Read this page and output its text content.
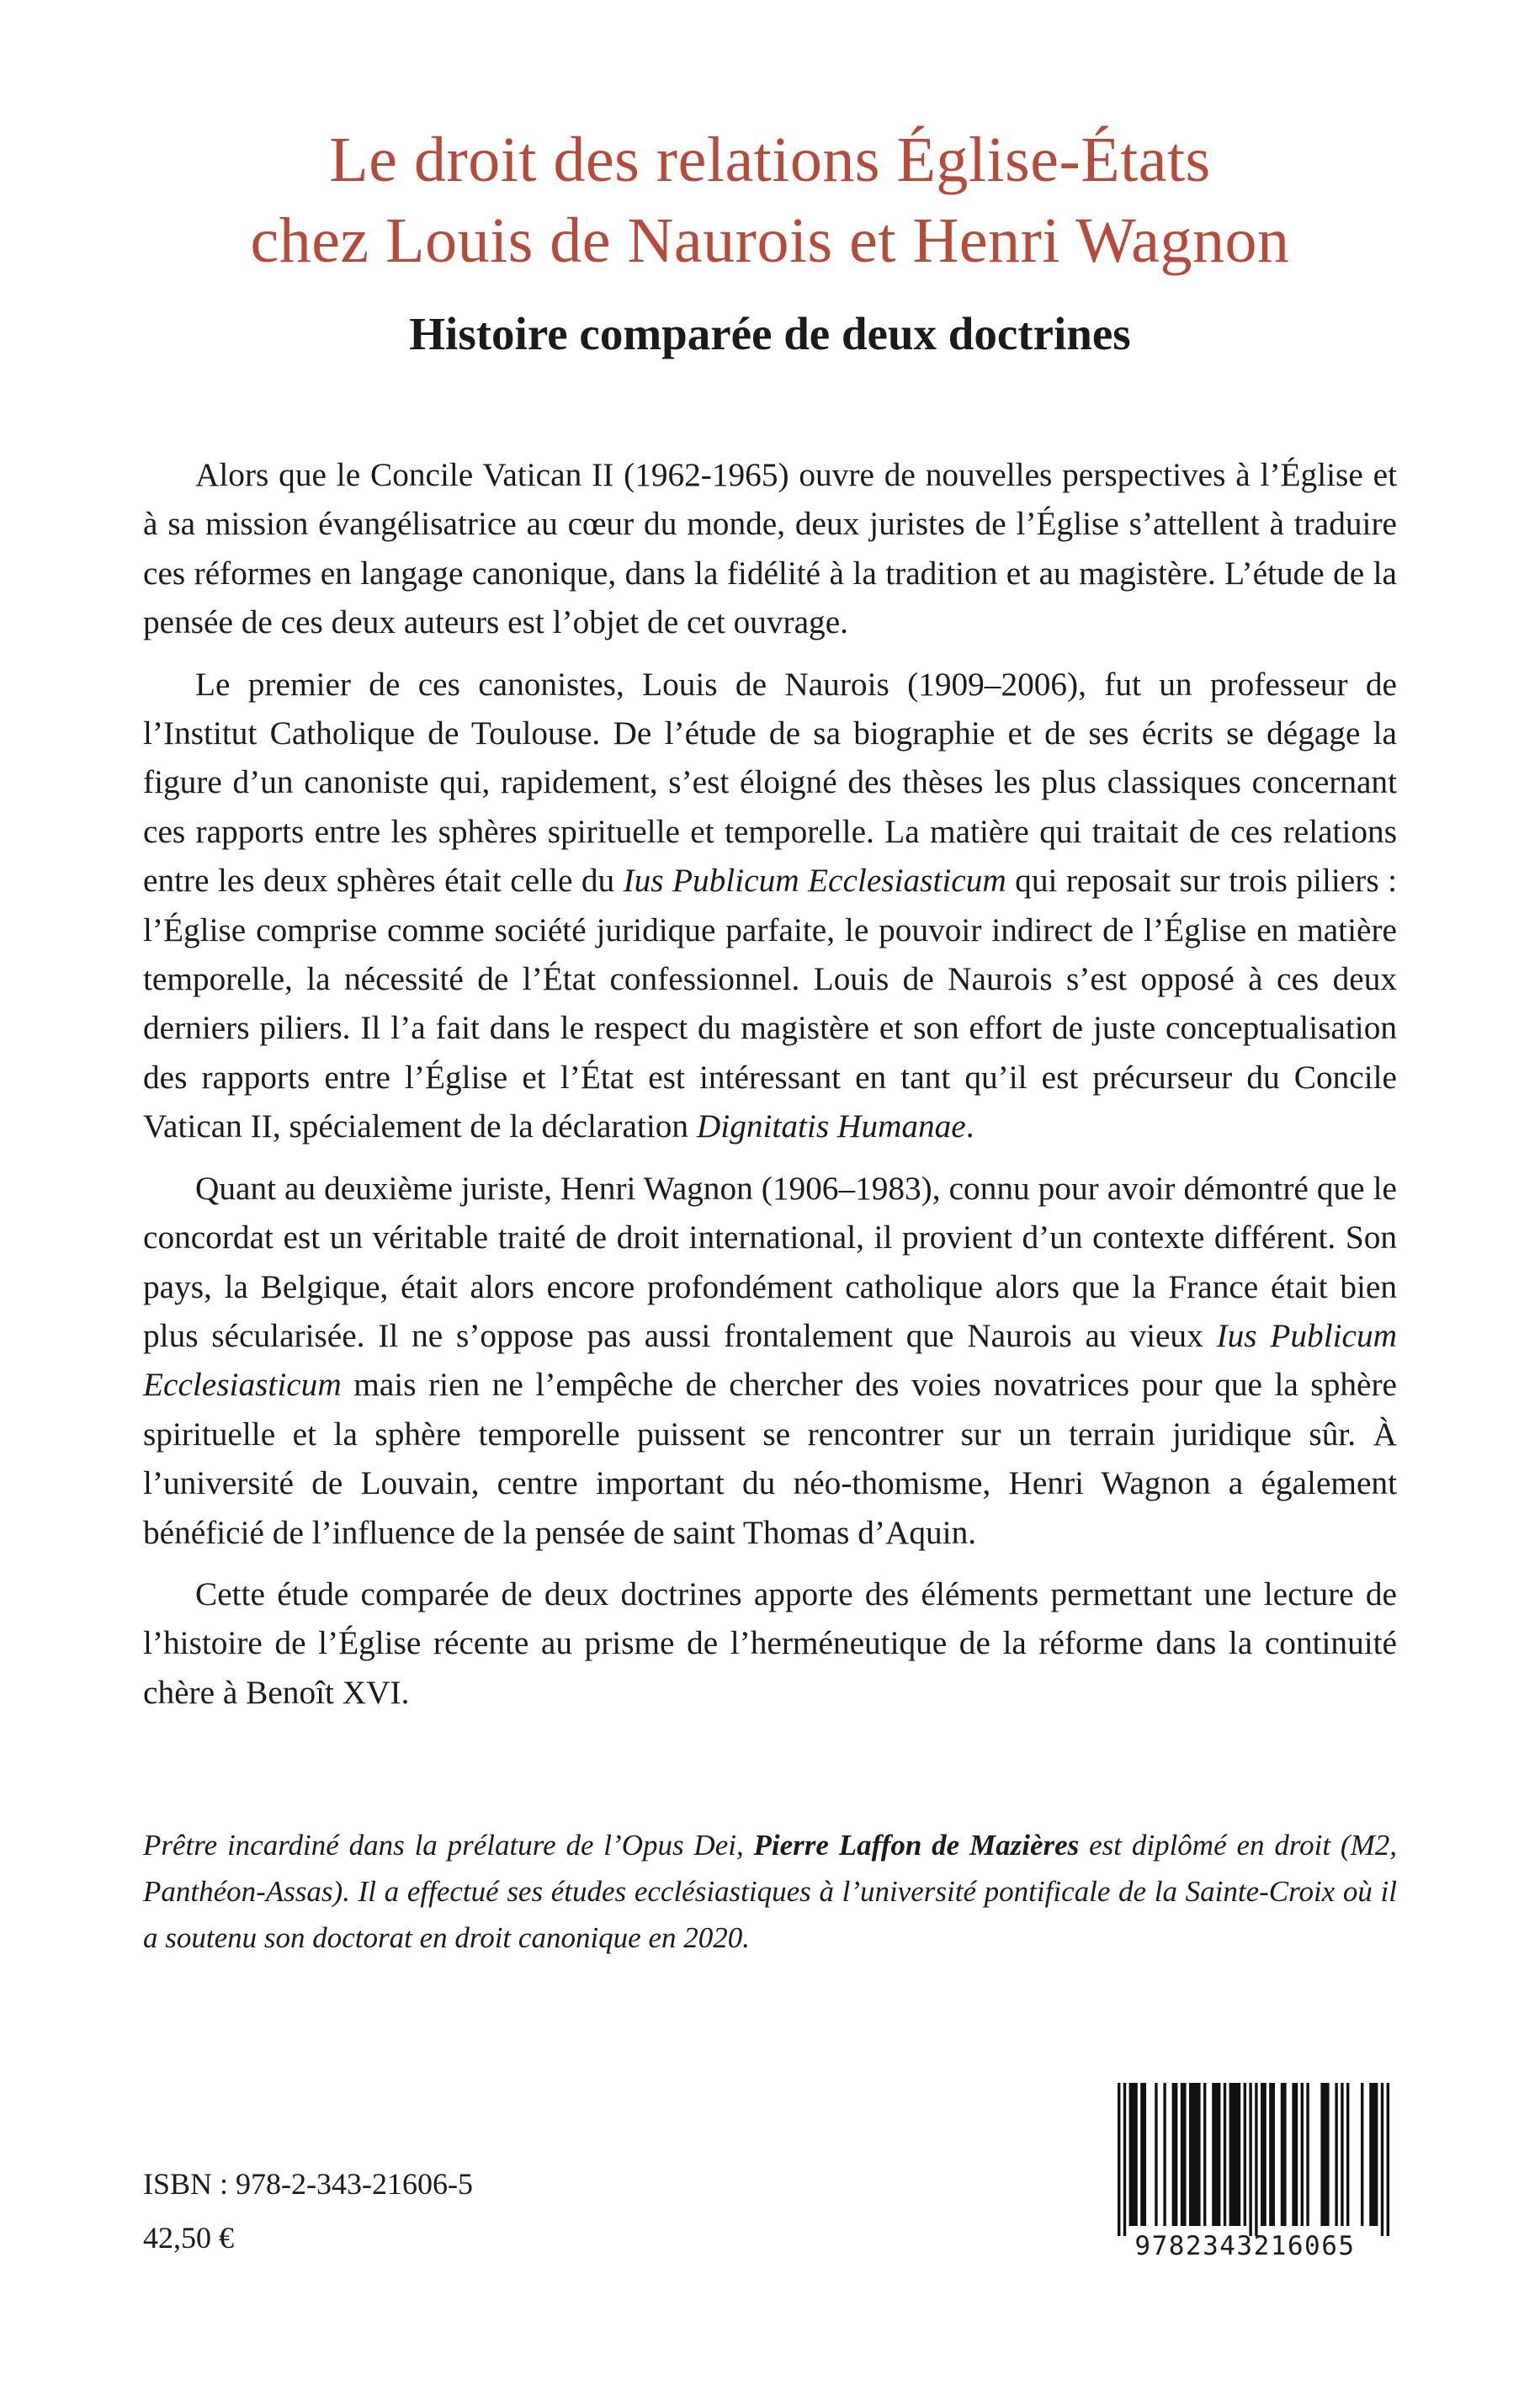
Le droit des relations Église-États
chez Louis de Naurois et Henri Wagnon
Histoire comparée de deux doctrines

Alors que le Concile Vatican II (1962-1965) ouvre de nouvelles perspectives à l’Église et à sa mission évangélisatrice au cœur du monde, deux juristes de l’Église s’attellent à traduire ces réformes en langage canonique, dans la fidélité à la tradition et au magistère. L’étude de la pensée de ces deux auteurs est l’objet de cet ouvrage.

Le premier de ces canonistes, Louis de Naurois (1909–2006), fut un professeur de l’Institut Catholique de Toulouse. De l’étude de sa biographie et de ses écrits se dégage la figure d’un canoniste qui, rapidement, s’est éloigné des thèses les plus classiques concernant ces rapports entre les sphères spirituelle et temporelle. La matière qui traitait de ces relations entre les deux sphères était celle du Ius Publicum Ecclesiasticum qui reposait sur trois piliers : l’Église comprise comme société juridique parfaite, le pouvoir indirect de l’Église en matière temporelle, la nécessité de l’État confessionnel. Louis de Naurois s’est opposé à ces deux derniers piliers. Il l’a fait dans le respect du magistère et son effort de juste conceptualisation des rapports entre l’Église et l’État est intéressant en tant qu’il est précurseur du Concile Vatican II, spécialement de la déclaration Dignitatis Humanae.

Quant au deuxième juriste, Henri Wagnon (1906–1983), connu pour avoir démontré que le concordat est un véritable traité de droit international, il provient d’un contexte différent. Son pays, la Belgique, était alors encore profondément catholique alors que la France était bien plus sécularisée. Il ne s’oppose pas aussi frontalement que Naurois au vieux Ius Publicum Ecclesiasticum mais rien ne l’empêche de chercher des voies novatrices pour que la sphère spirituelle et la sphère temporelle puissent se rencontrer sur un terrain juridique sûr. À l’université de Louvain, centre important du néo-thomisme, Henri Wagnon a également bénéficié de l’influence de la pensée de saint Thomas d’Aquin.

Cette étude comparée de deux doctrines apporte des éléments permettant une lecture de l’histoire de l’Église récente au prisme de l’herméneutique de la réforme dans la continuité chère à Benoît XVI.

Prêtre incardiné dans la prélature de l’Opus Dei, Pierre Laffon de Mazières est diplômé en droit (M2, Panthéon-Assas). Il a effectué ses études ecclésiastiques à l’université pontificale de la Sainte-Croix où il a soutenu son doctorat en droit canonique en 2020.
ISBN : 978-2-343-21606-5
42,50 €	9782343216065
